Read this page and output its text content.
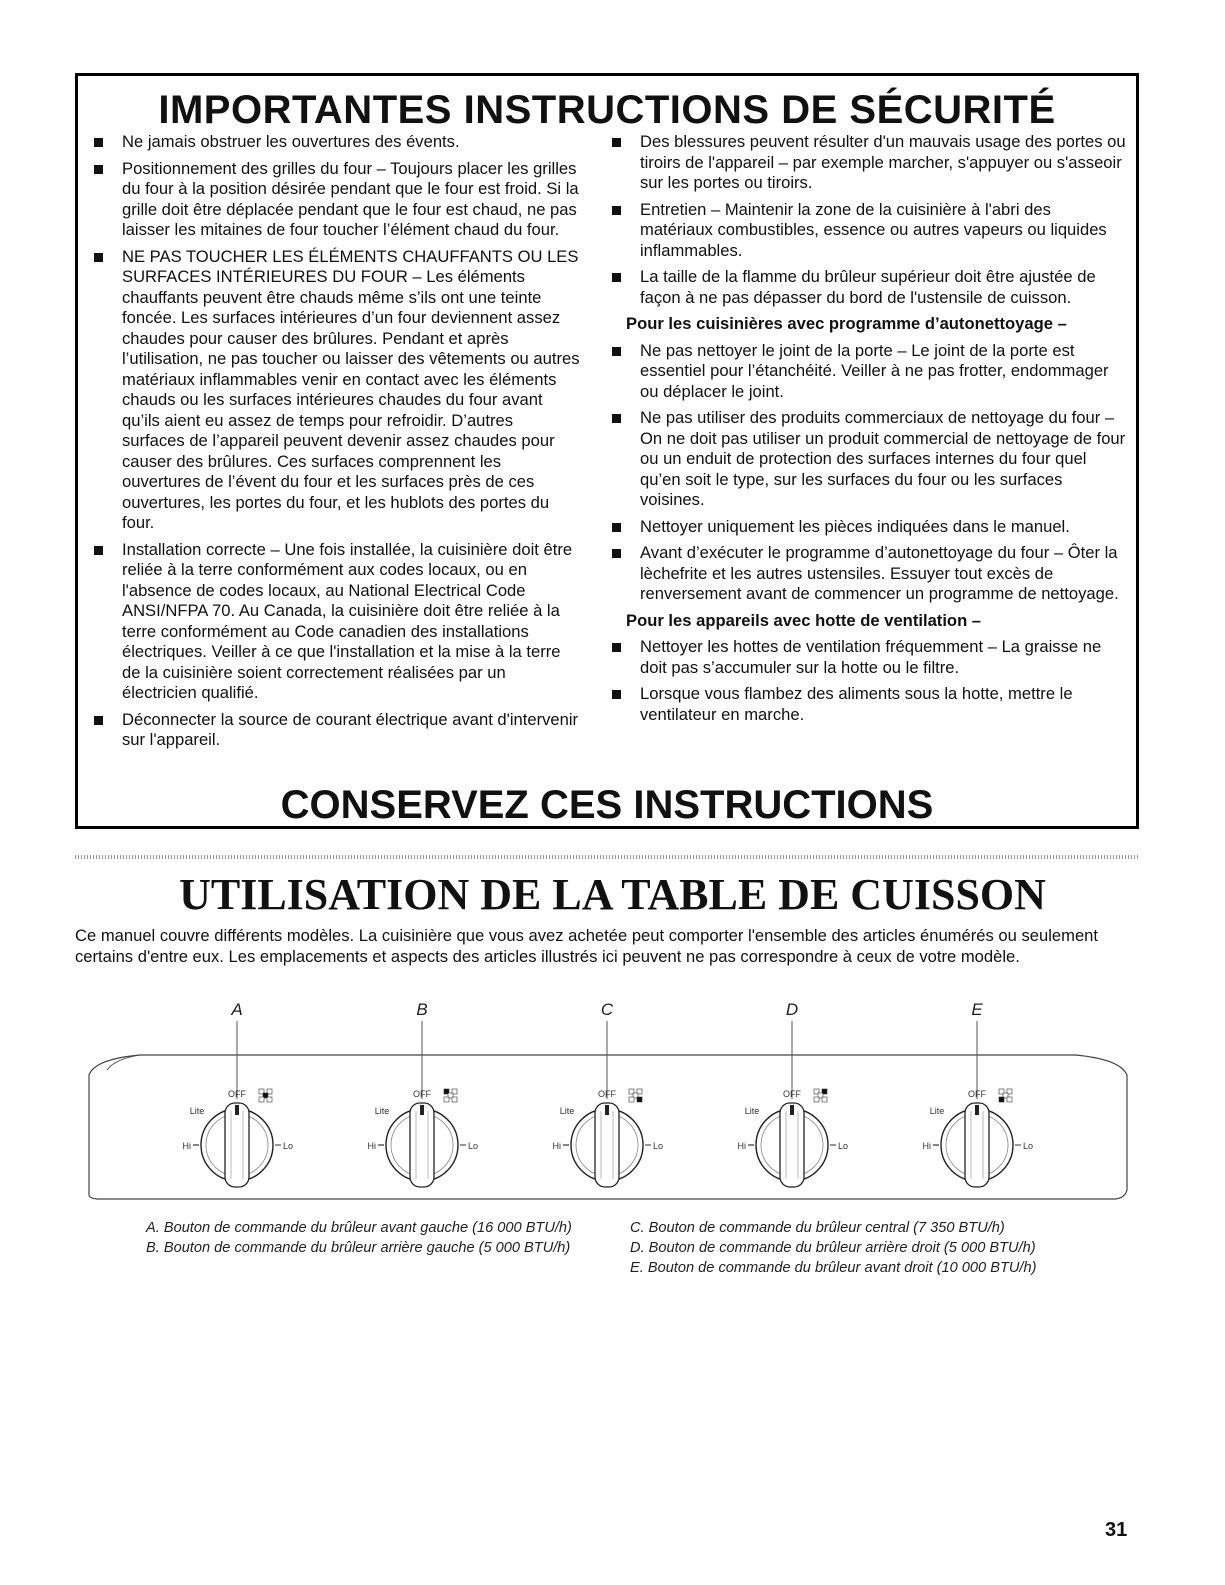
IMPORTANTES INSTRUCTIONS DE SÉCURITÉ
Ne jamais obstruer les ouvertures des évents.
Positionnement des grilles du four – Toujours placer les grilles du four à la position désirée pendant que le four est froid. Si la grille doit être déplacée pendant que le four est chaud, ne pas laisser les mitaines de four toucher l’élément chaud du four.
NE PAS TOUCHER LES ÉLÉMENTS CHAUFFANTS OU LES SURFACES INTÉRIEURES DU FOUR – Les éléments chauffants peuvent être chauds même s’ils ont une teinte foncée. Les surfaces intérieures d’un four deviennent assez chaudes pour causer des brûlures. Pendant et après l’utilisation, ne pas toucher ou laisser des vêtements ou autres matériaux inflammables venir en contact avec les éléments chauds ou les surfaces intérieures chaudes du four avant qu’ils aient eu assez de temps pour refroidir. D’autres surfaces de l’appareil peuvent devenir assez chaudes pour causer des brûlures. Ces surfaces comprennent les ouvertures de l’évent du four et les surfaces près de ces ouvertures, les portes du four, et les hublots des portes du four.
Installation correcte – Une fois installée, la cuisinière doit être reliée à la terre conformément aux codes locaux, ou en l'absence de codes locaux, au National Electrical Code ANSI/NFPA 70. Au Canada, la cuisinière doit être reliée à la terre conformément au Code canadien des installations électriques. Veiller à ce que l'installation et la mise à la terre de la cuisinière soient correctement réalisées par un électricien qualifié.
Déconnecter la source de courant électrique avant d'intervenir sur l'appareil.
Des blessures peuvent résulter d'un mauvais usage des portes ou tiroirs de l'appareil – par exemple marcher, s'appuyer ou s'asseoir sur les portes ou tiroirs.
Entretien – Maintenir la zone de la cuisinière à l'abri des matériaux combustibles, essence ou autres vapeurs ou liquides inflammables.
La taille de la flamme du brûleur supérieur doit être ajustée de façon à ne pas dépasser du bord de l'ustensile de cuisson.

Pour les cuisinières avec programme d’autonettoyage –

Ne pas nettoyer le joint de la porte – Le joint de la porte est essentiel pour l’étanchéité. Veiller à ne pas frotter, endommager ou déplacer le joint.
Ne pas utiliser des produits commerciaux de nettoyage du four – On ne doit pas utiliser un produit commercial de nettoyage de four ou un enduit de protection des surfaces internes du four quel qu’en soit le type, sur les surfaces du four ou les surfaces voisines.
Nettoyer uniquement les pièces indiquées dans le manuel.
Avant d’exécuter le programme d’autonettoyage du four – Ôter la lèchefrite et les autres ustensiles. Essuyer tout excès de renversement avant de commencer un programme de nettoyage.

Pour les appareils avec hotte de ventilation –

Nettoyer les hottes de ventilation fréquemment – La graisse ne doit pas s’accumuler sur la hotte ou le filtre.
Lorsque vous flambez des aliments sous la hotte, mettre le ventilateur en marche.
CONSERVEZ CES INSTRUCTIONS
UTILISATION DE LA TABLE DE CUISSON

Ce manuel couvre différents modèles. La cuisinière que vous avez achetée peut comporter l'ensemble des articles énumérés ou seulement certains d'entre eux. Les emplacements et aspects des articles illustrés ici peuvent ne pas correspondre à ceux de votre modèle.

A
OFF
Lite
Hi	Lo
B
OFF
Lite
Hi	Lo
C
OFF
Lite
Hi	Lo
D
OFF
Lite
Hi	Lo
E
OFF
Lite
Hi	Lo
A. Bouton de commande du brûleur avant gauche (16 000 BTU/h)
B. Bouton de commande du brûleur arrière gauche (5 000 BTU/h)
C. Bouton de commande du brûleur central (7 350 BTU/h)
D. Bouton de commande du brûleur arrière droit (5 000 BTU/h)
E. Bouton de commande du brûleur avant droit (10 000 BTU/h)
31
